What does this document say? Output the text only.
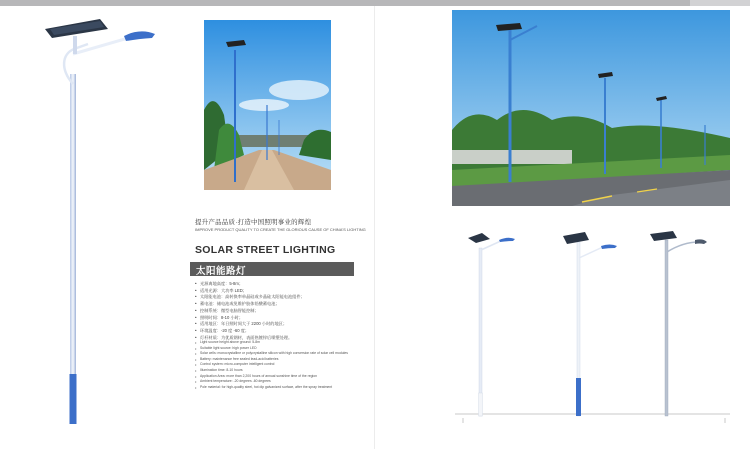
提升产品品质·打造中国照明事业的辉煌
IMPROVE PRODUCT QUALITY TO CREATE THE GLORIOUS CAUSE OF CHINA'S LIGHTING
SOLAR STREET LIGHTING
太阳能路灯
• 光源离地高度：5-8m；
• 适用光源：大功率 LED；
• 太阳能电池：高转换率单晶硅或多晶硅太阳能电池组件；
• 蓄电池：储电池或免维护胶体铅酸蓄电池；
• 控制系统：微型电脑智能控制；
• 照明时间：8-10 小时；
• 适用地区：年日照时间大于 2200 小时的地区；
• 环境温度：-20 度 -60 度；
• 灯杆材质：为优质钢材，表面热镀锌后喷塑处理。
• Light source height above ground: 5-8m
• Suitable light source: high power LED
• Solar cells: monocrystalline or polycrystalline silicon with high conversion rate of solar cell modules
• Battery: maintenance free sealed lead-acid batteries
• Control system: micro-computer intelligent control
• Illumination time: 8-10 hours
• Application Area: more than 2,200 hours of annual sunshine time of the region
• Ambient temperature: -20 degrees -60 degrees
• Pole material: for high-quality steel, hot dip galvanized surface, after the spray treatment
